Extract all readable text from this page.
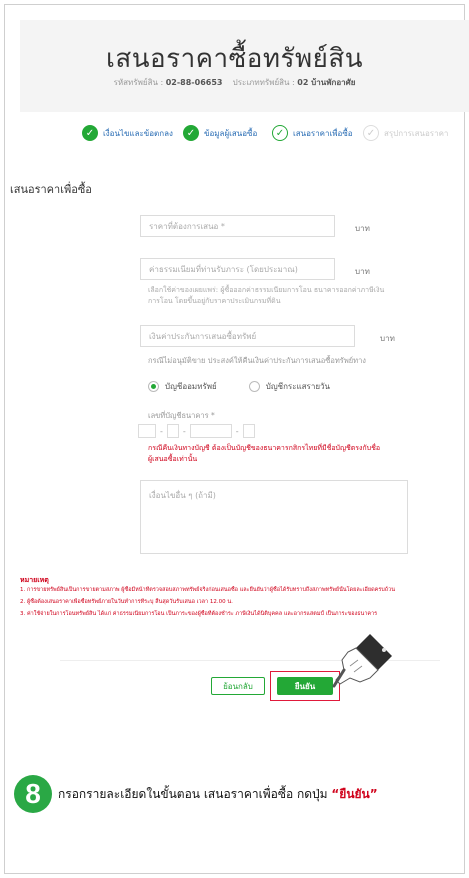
เสนอราคาซื้อทรัพย์สิน
รหัสทรัพย์สิน : 02-88-06653 ประเภททรัพย์สิน : 02 บ้านพักอาศัย
✓	เงื่อนไขและข้อตกลง	✓	ข้อมูลผู้เสนอซื้อ	✓	เสนอราคาเพื่อซื้อ	✓	สรุปการเสนอราคา
เสนอราคาเพื่อซื้อ
ราคาที่ต้องการเสนอ *	บาท
ค่าธรรมเนียมที่ท่านรับภาระ (โดยประมาณ)	บาท
เลือกใช้ค่าของเผยแพร่: ผู้ซื้อออกค่าธรรมเนียมการโอน ธนาคารออกค่าภาษีเงิน
การโอน โดยขึ้นอยู่กับราคาประเมินกรมที่ดิน
เงินค่าประกันการเสนอซื้อทรัพย์	บาท
กรณีไม่อนุมัติขาย ประสงค์ให้คืนเงินค่าประกันการเสนอซื้อทรัพย์ทาง
บัญชีออมทรัพย์	บัญชีกระแสรายวัน
เลขที่บัญชีธนาคาร *
-	-	-
กรณีคืนเงินทางบัญชี ต้องเป็นบัญชีของธนาคารกสิกรไทยที่มีชื่อบัญชีตรงกับชื่อ
ผู้เสนอซื้อเท่านั้น
เงื่อนไขอื่น ๆ (ถ้ามี)
หมายเหตุ
1. การขายทรัพย์สินเป็นการขายตามสภาพ ผู้ซื้อมีหน้าที่ตรวจสอบสภาพทรัพย์จริงก่อนเสนอซื้อ และยืนยันว่าผู้ซื้อได้รับทราบถึงสภาพทรัพย์นั้นโดยละเอียดครบถ้วน
2. ผู้ซื้อต้องเสนอราคาเพื่อซื้อทรัพย์ภายในวันทำการที่ระบุ สิ้นสุดวันรับเสนอ เวลา 12.00 น.
3. ค่าใช้จ่ายในการโอนทรัพย์สิน ได้แก่ ค่าธรรมเนียมการโอน เป็นภาระของผู้ซื้อที่ต้องชำระ ภาษีเงินได้นิติบุคคล และอากรแสตมป์ เป็นภาระของธนาคาร
ย้อนกลับ	ยืนยัน
8	กรอกรายละเอียดในขั้นตอน เสนอราคาเพื่อซื้อ กดปุ่ม “ยืนยัน”
